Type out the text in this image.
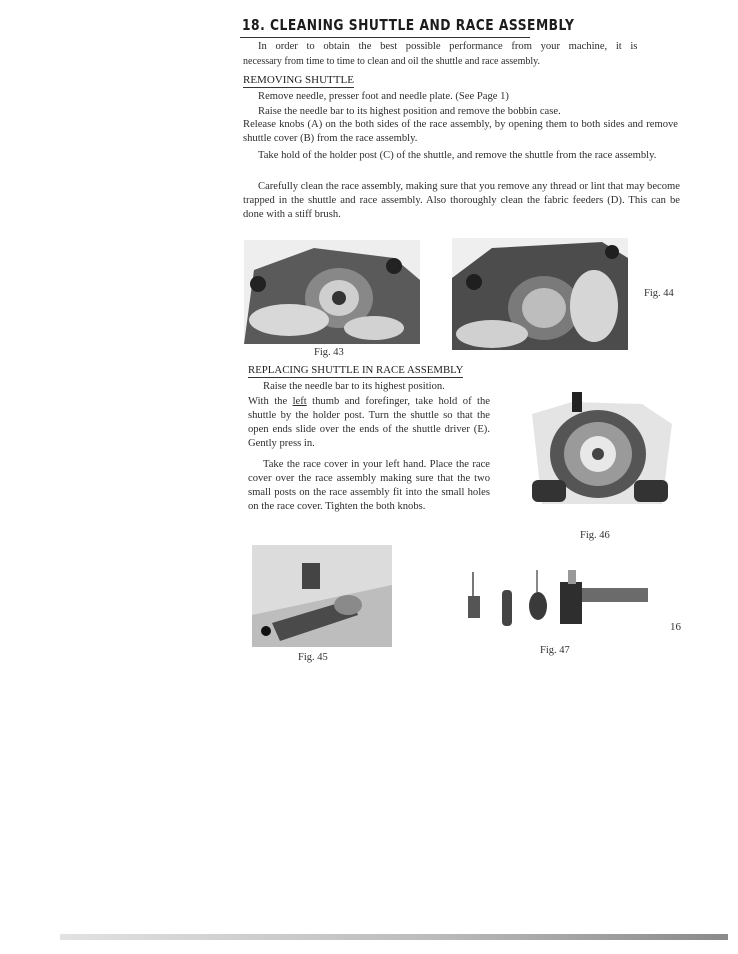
18. CLEANING SHUTTLE AND RACE ASSEMBLY

In order to obtain the best possible performance from your machine, it is

necessary from time to time to clean and oil the shuttle and race assembly.

REMOVING SHUTTLE

Remove needle, presser foot and needle plate. (See Page 1)

Raise the needle bar to its highest position and remove the bobbin case.

Release knobs (A) on the both sides of the race assembly, by opening them to both sides and remove shuttle cover (B) from the race assembly.

Take hold of the holder post (C) of the shuttle, and remove the shuttle from the race assembly.

Carefully clean the race assembly, making sure that you remove any thread or lint that may become trapped in the shuttle and race assembly. Also thoroughly clean the fabric feeders (D). This can be done with a stiff brush.

Fig. 43

Fig. 44

REPLACING SHUTTLE IN RACE ASSEMBLY

Raise the needle bar to its highest position.

With the left thumb and forefinger, take hold of the shuttle by the holder post. Turn the shuttle so that the open ends slide over the ends of the shuttle driver (E). Gently press in.

Take the race cover in your left hand. Place the race cover over the race assembly making sure that the two small posts on the race assembly fit into the small holes on the race cover. Tighten the both knobs.

Fig. 46

Fig. 45

Fig. 47

16
